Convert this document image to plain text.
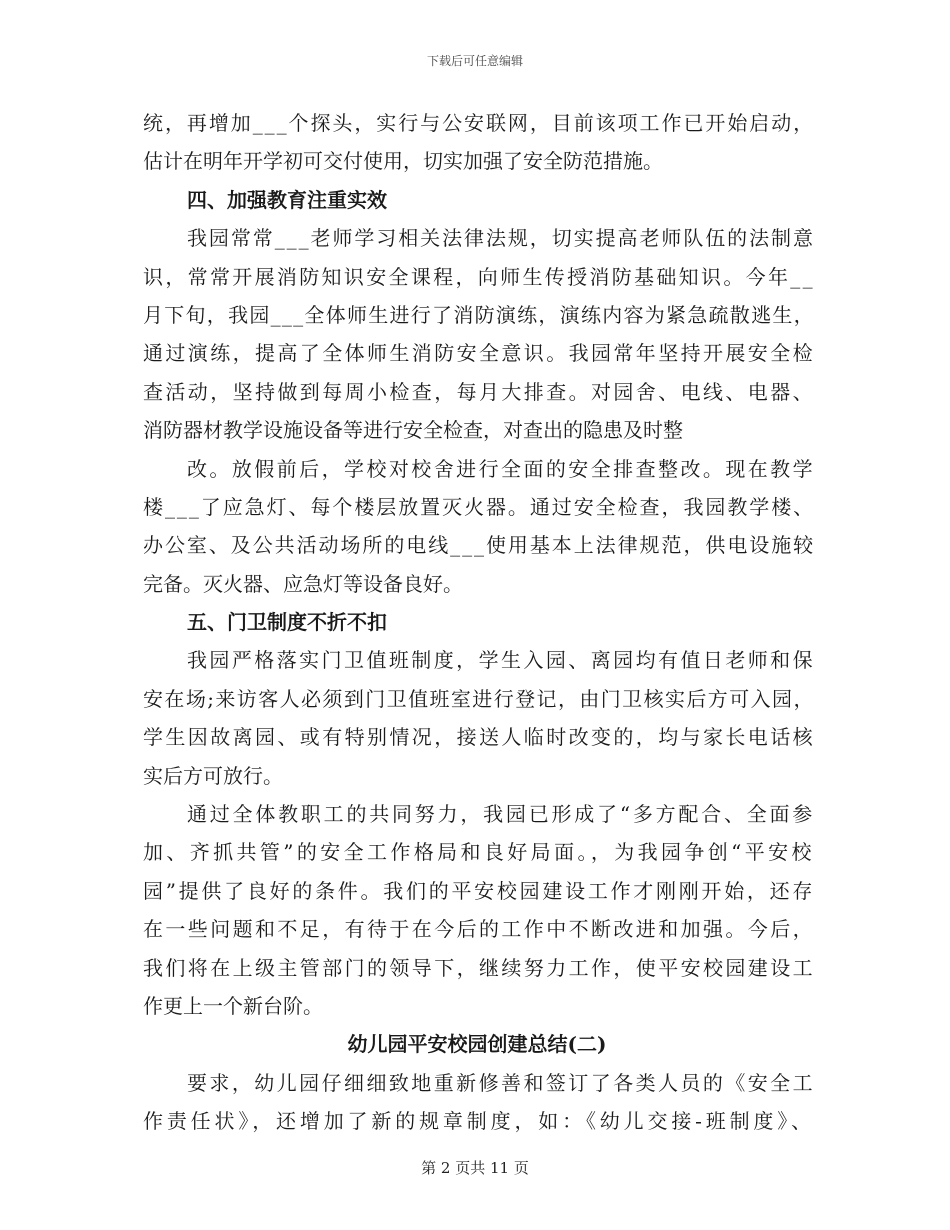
下载后可任意编辑
统，再增加___个探头，实行与公安联网，目前该项工作已开始启动，
估计在明年开学初可交付使用，切实加强了安全防范措施。
四、加强教育注重实效
我园常常___老师学习相关法律法规，切实提高老师队伍的法制意
识，常常开展消防知识安全课程，向师生传授消防基础知识。今年__
月下旬，我园___全体师生进行了消防演练，演练内容为紧急疏散逃生，
通过演练，提高了全体师生消防安全意识。我园常年坚持开展安全检
查活动，坚持做到每周小检查，每月大排查。对园舍、电线、电器、
消防器材教学设施设备等进行安全检查，对查出的隐患及时整
改。放假前后，学校对校舍进行全面的安全排查整改。现在教学
楼___了应急灯、每个楼层放置灭火器。通过安全检查，我园教学楼、
办公室、及公共活动场所的电线___使用基本上法律规范，供电设施较
完备。灭火器、应急灯等设备良好。
五、门卫制度不折不扣
我园严格落实门卫值班制度，学生入园、离园均有值日老师和保
安在场;来访客人必须到门卫值班室进行登记，由门卫核实后方可入园，
学生因故离园、或有特别情况，接送人临时改变的，均与家长电话核
实后方可放行。
通过全体教职工的共同努力，我园已形成了“多方配合、全面参
加、齐抓共管”的安全工作格局和良好局面。，为我园争创“平安校
园”提供了良好的条件。我们的平安校园建设工作才刚刚开始，还存
在一些问题和不足，有待于在今后的工作中不断改进和加强。今后，
我们将在上级主管部门的领导下，继续努力工作，使平安校园建设工
作更上一个新台阶。
幼儿园平安校园创建总结(二)
要求，幼儿园仔细细致地重新修善和签订了各类人员的《安全工
作责任状》，还增加了新的规章制度，如：《幼儿交接-班制度》、
第 2 页共 11 页
